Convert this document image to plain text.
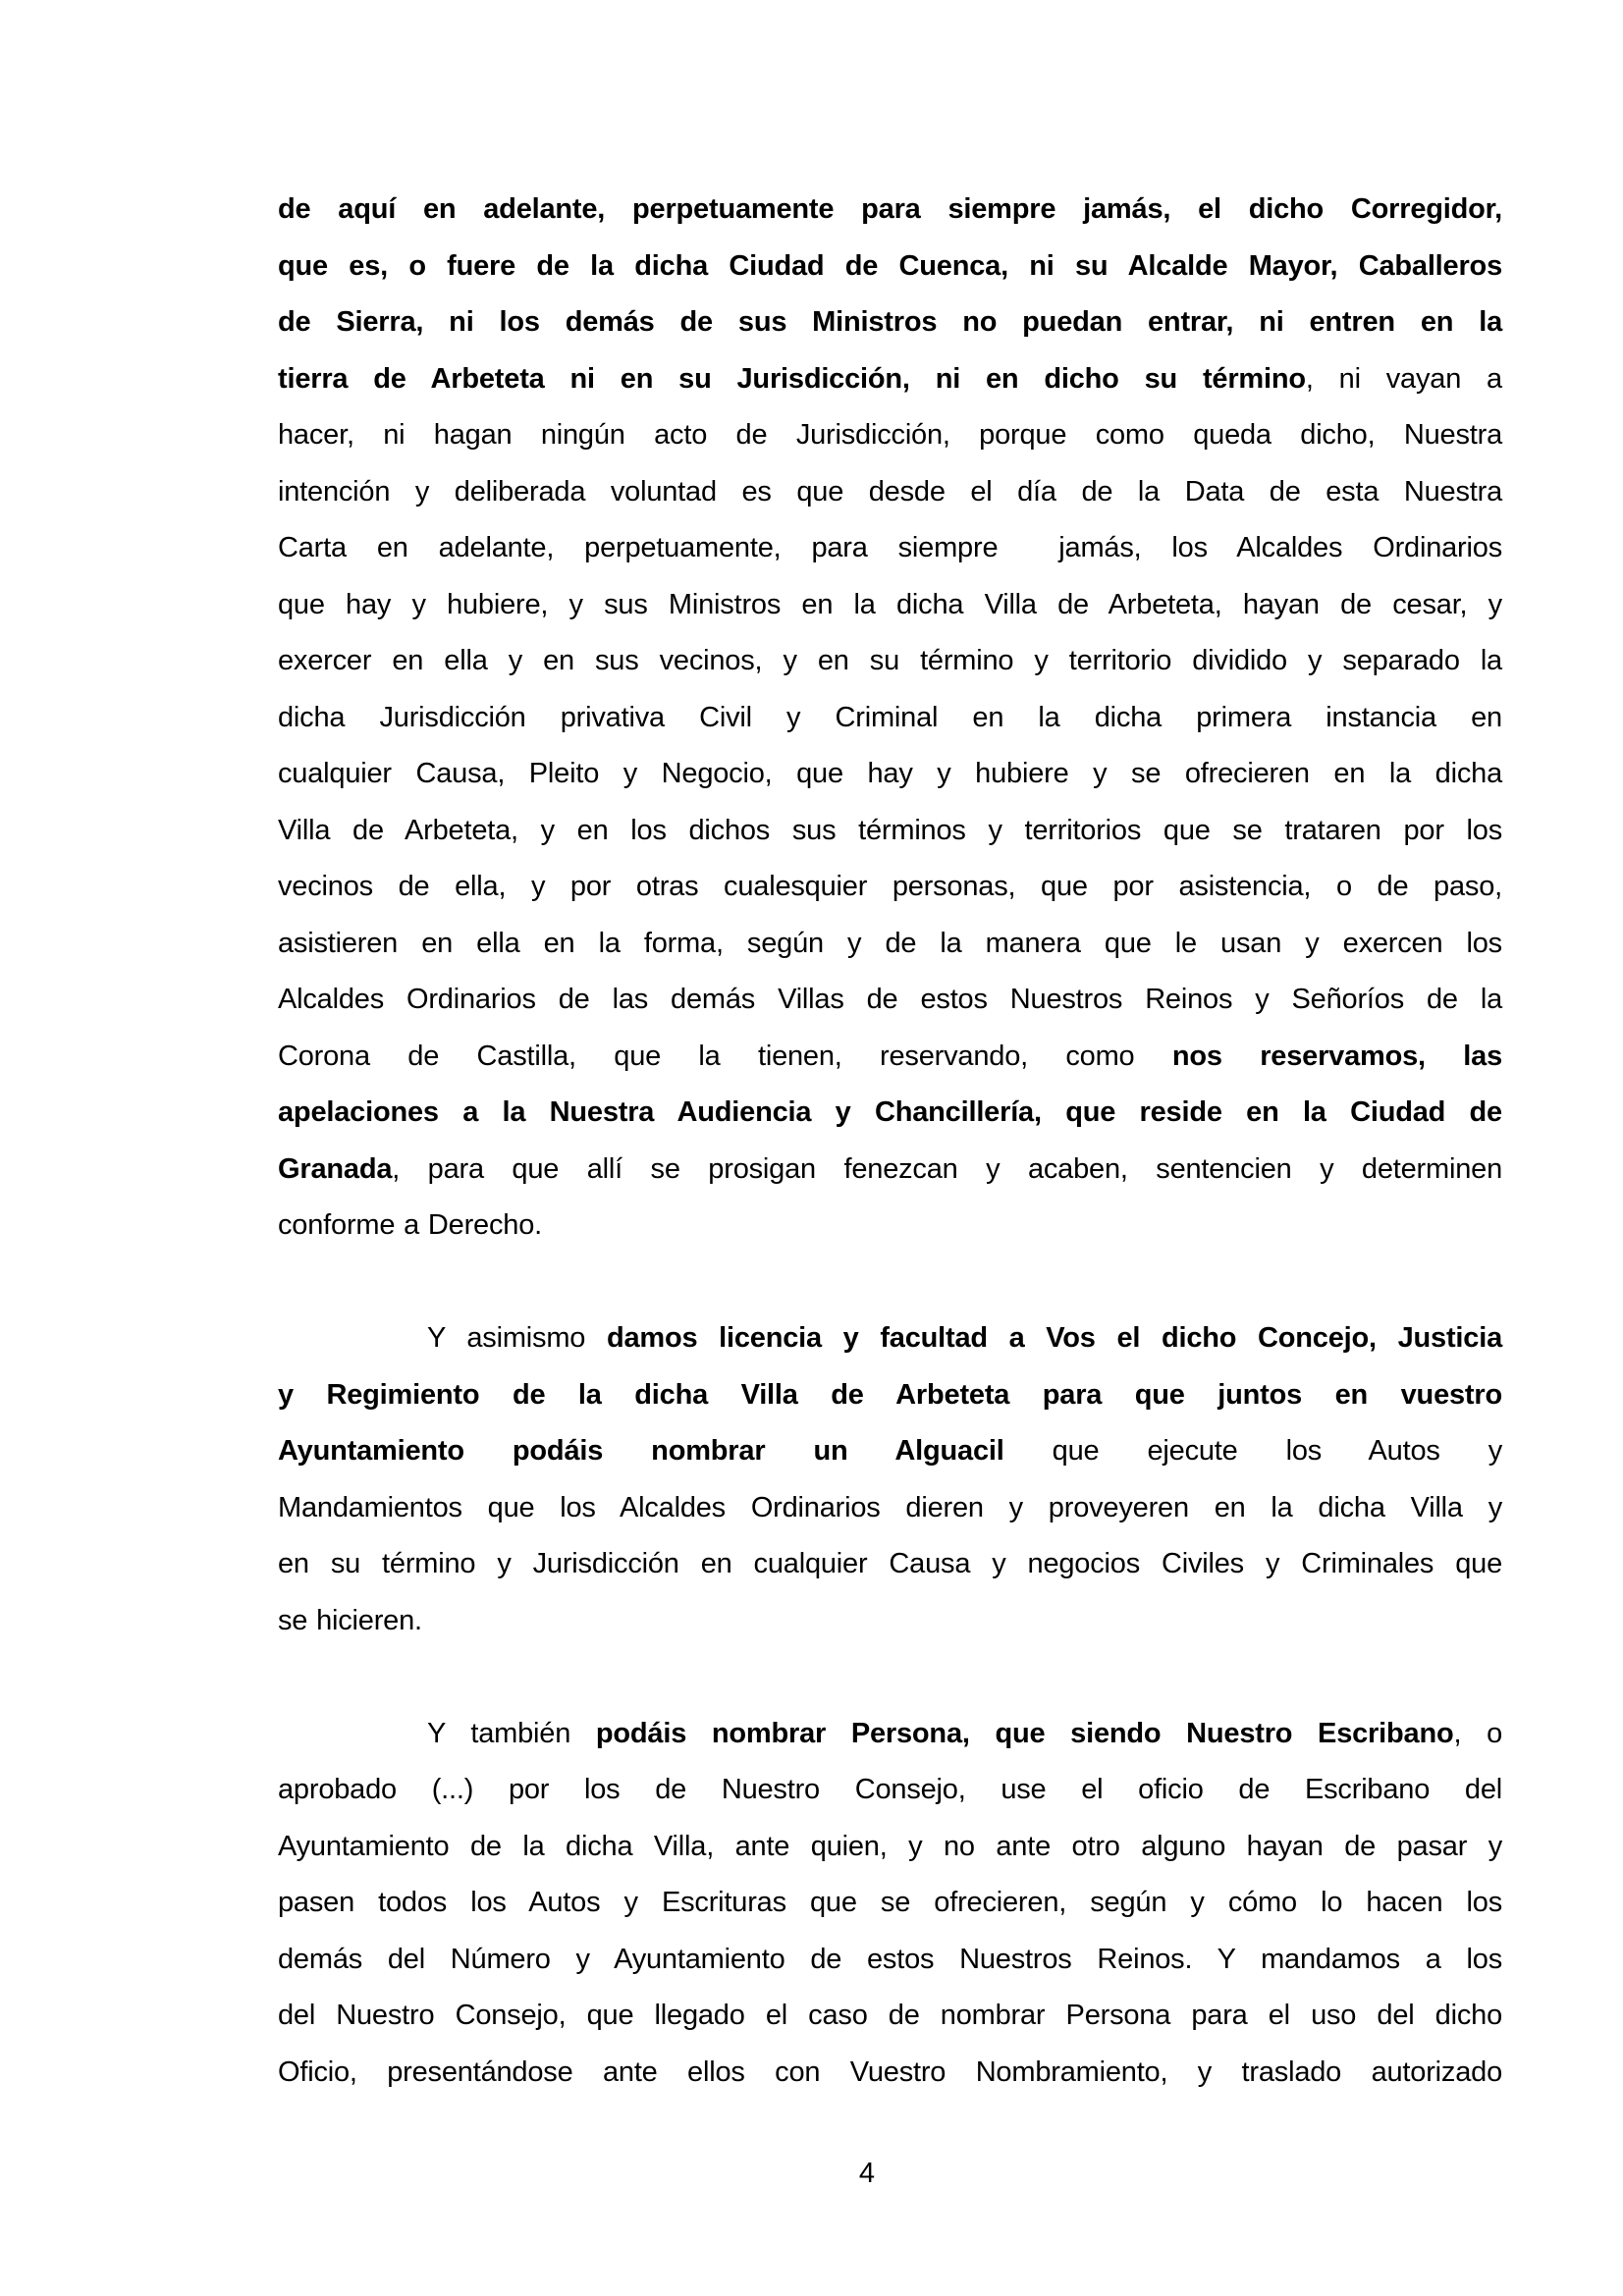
de aquí en adelante, perpetuamente para siempre jamás, el dicho Corregidor,
que es, o fuere de la dicha Ciudad de Cuenca, ni su Alcalde Mayor, Caballeros
de Sierra, ni los demás de sus Ministros no puedan entrar, ni entren en la
tierra de Arbeteta ni en su Jurisdicción, ni en dicho su término, ni vayan a
hacer, ni hagan ningún acto de Jurisdicción, porque como queda dicho, Nuestra
intención y deliberada voluntad es que desde el día de la Data de esta Nuestra
Carta en adelante, perpetuamente, para siempre  jamás, los Alcaldes Ordinarios
que hay y hubiere, y sus Ministros en la dicha Villa de Arbeteta, hayan de cesar, y
exercer en ella y en sus vecinos, y en su término y territorio dividido y separado la
dicha Jurisdicción privativa Civil y Criminal en la dicha primera instancia en
cualquier Causa, Pleito y Negocio, que hay y hubiere y se ofrecieren en la dicha
Villa de Arbeteta, y en los dichos sus términos y territorios que se trataren por los
vecinos de ella, y por otras cualesquier personas, que por asistencia, o de paso,
asistieren en ella en la forma, según y de la manera que le usan y exercen los
Alcaldes Ordinarios de las demás Villas de estos Nuestros Reinos y Señoríos de la
Corona de Castilla, que la tienen, reservando, como nos reservamos, las
apelaciones a la Nuestra Audiencia y Chancillería, que reside en la Ciudad de
Granada, para que allí se prosigan fenezcan y acaben, sentencien y determinen
conforme a Derecho.
Y asimismo damos licencia y facultad a Vos el dicho Concejo, Justicia
y Regimiento de la dicha Villa de Arbeteta para que juntos en vuestro
Ayuntamiento podáis nombrar un Alguacil que ejecute los Autos y
Mandamientos que los Alcaldes Ordinarios dieren y proveyeren en la dicha Villa y
en su término y Jurisdicción en cualquier Causa y negocios Civiles y Criminales que
se hicieren.
Y también podáis nombrar Persona, que siendo Nuestro Escribano, o
aprobado (...) por los de Nuestro Consejo, use el oficio de Escribano del
Ayuntamiento de la dicha Villa, ante quien, y no ante otro alguno hayan de pasar y
pasen todos los Autos y Escrituras que se ofrecieren, según y cómo lo hacen los
demás del Número y Ayuntamiento de estos Nuestros Reinos. Y mandamos a los
del Nuestro Consejo, que llegado el caso de nombrar Persona para el uso del dicho
Oficio, presentándose ante ellos con Vuestro Nombramiento, y traslado autorizado
4
